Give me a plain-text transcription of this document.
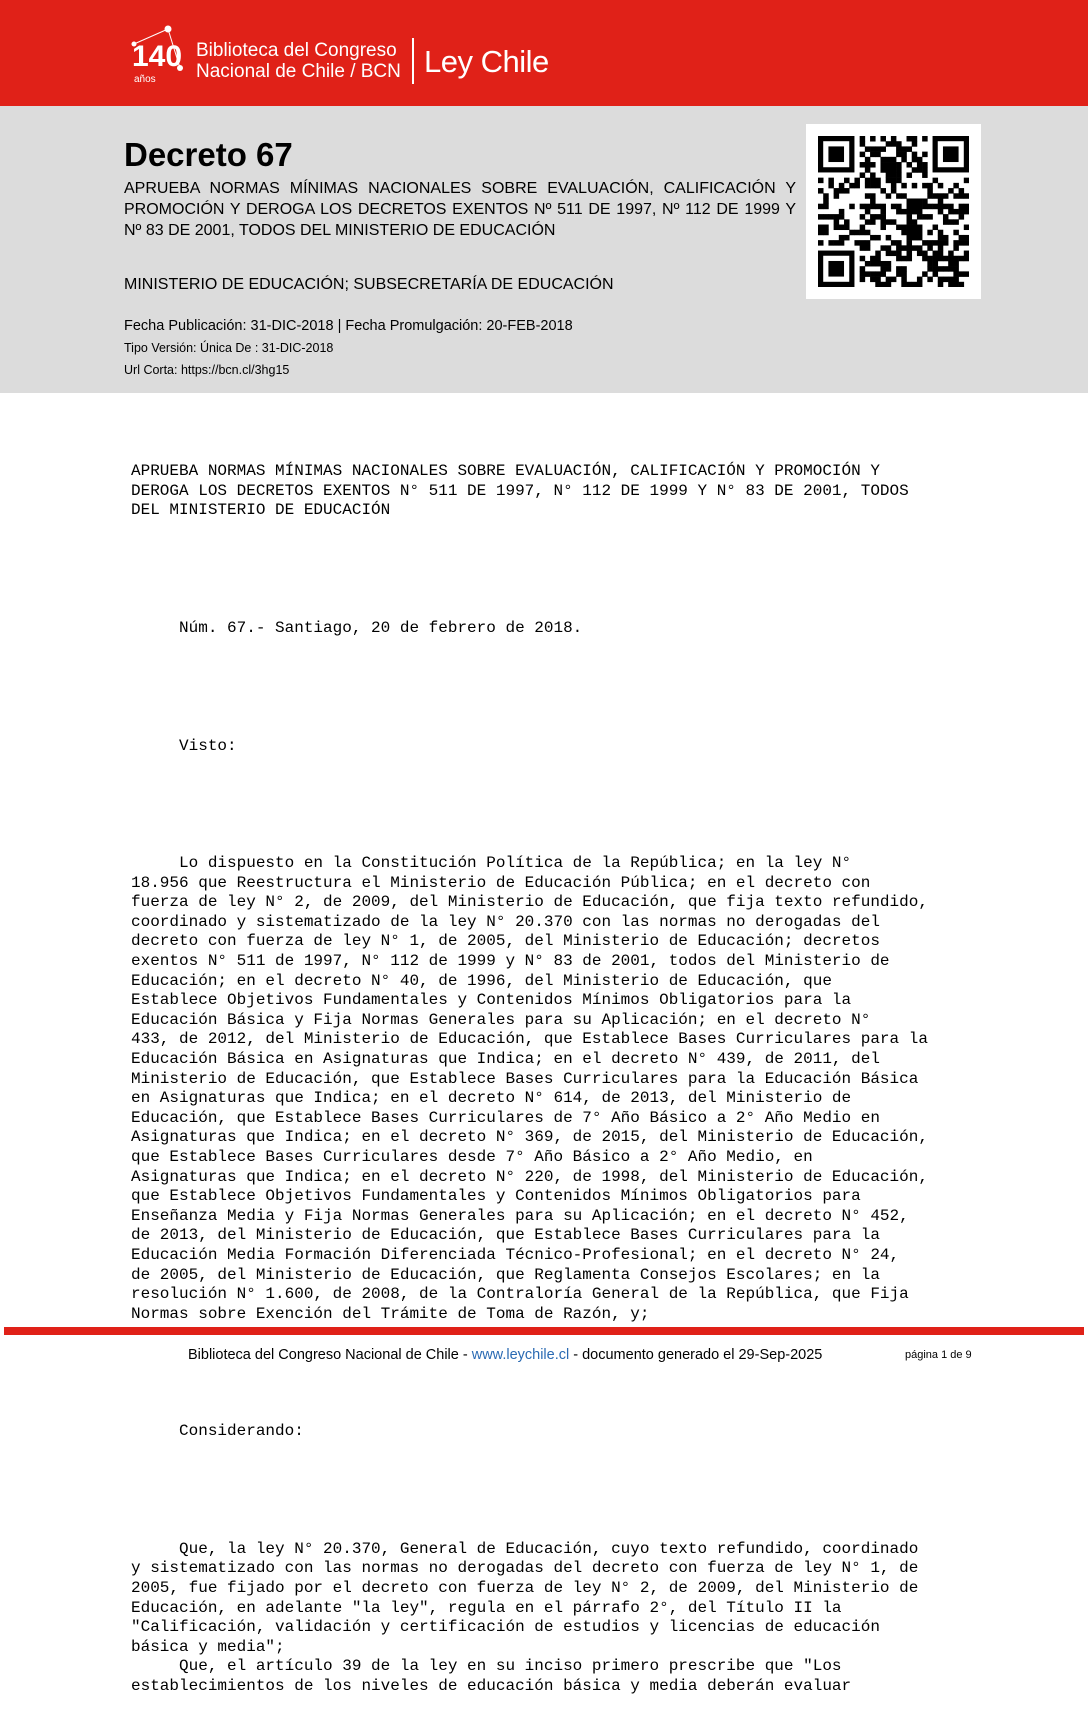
140
años
Biblioteca del Congreso
Nacional de Chile / BCN Ley Chile
Decreto 67
APRUEBA NORMAS MÍNIMAS NACIONALES SOBRE EVALUACIÓN, CALIFICACIÓN Y PROMOCIÓN Y DEROGA LOS DECRETOS EXENTOS Nº 511 DE 1997, Nº 112 DE 1999 Y Nº 83 DE 2001, TODOS DEL MINISTERIO DE EDUCACIÓN
MINISTERIO DE EDUCACIÓN; SUBSECRETARÍA DE EDUCACIÓN
Fecha Publicación: 31-DIC-2018 | Fecha Promulgación: 20-FEB-2018
Tipo Versión: Única De : 31-DIC-2018
Url Corta: https://bcn.cl/3hg15

APRUEBA NORMAS MÍNIMAS NACIONALES SOBRE EVALUACIÓN, CALIFICACIÓN Y PROMOCIÓN Y
DEROGA LOS DECRETOS EXENTOS N° 511 DE 1997, N° 112 DE 1999 Y N° 83 DE 2001, TODOS
DEL MINISTERIO DE EDUCACIÓN

Núm. 67.- Santiago, 20 de febrero de 2018.

Visto:

Lo dispuesto en la Constitución Política de la República; en la ley N°
18.956 que Reestructura el Ministerio de Educación Pública; en el decreto con
fuerza de ley N° 2, de 2009, del Ministerio de Educación, que fija texto refundido,
coordinado y sistematizado de la ley N° 20.370 con las normas no derogadas del
decreto con fuerza de ley N° 1, de 2005, del Ministerio de Educación; decretos
exentos N° 511 de 1997, N° 112 de 1999 y N° 83 de 2001, todos del Ministerio de
Educación; en el decreto N° 40, de 1996, del Ministerio de Educación, que
Establece Objetivos Fundamentales y Contenidos Mínimos Obligatorios para la
Educación Básica y Fija Normas Generales para su Aplicación; en el decreto N°
433, de 2012, del Ministerio de Educación, que Establece Bases Curriculares para la
Educación Básica en Asignaturas que Indica; en el decreto N° 439, de 2011, del
Ministerio de Educación, que Establece Bases Curriculares para la Educación Básica
en Asignaturas que Indica; en el decreto N° 614, de 2013, del Ministerio de
Educación, que Establece Bases Curriculares de 7° Año Básico a 2° Año Medio en
Asignaturas que Indica; en el decreto N° 369, de 2015, del Ministerio de Educación,
que Establece Bases Curriculares desde 7° Año Básico a 2° Año Medio, en
Asignaturas que Indica; en el decreto N° 220, de 1998, del Ministerio de Educación,
que Establece Objetivos Fundamentales y Contenidos Mínimos Obligatorios para
Enseñanza Media y Fija Normas Generales para su Aplicación; en el decreto N° 452,
de 2013, del Ministerio de Educación, que Establece Bases Curriculares para la
Educación Media Formación Diferenciada Técnico-Profesional; en el decreto N° 24,
de 2005, del Ministerio de Educación, que Reglamenta Consejos Escolares; en la
resolución N° 1.600, de 2008, de la Contraloría General de la República, que Fija
Normas sobre Exención del Trámite de Toma de Razón, y;

Considerando:

Que, la ley N° 20.370, General de Educación, cuyo texto refundido, coordinado
y sistematizado con las normas no derogadas del decreto con fuerza de ley N° 1, de
2005, fue fijado por el decreto con fuerza de ley N° 2, de 2009, del Ministerio de
Educación, en adelante "la ley", regula en el párrafo 2°, del Título II la
"Calificación, validación y certificación de estudios y licencias de educación
básica y media";
Que, el artículo 39 de la ley en su inciso primero prescribe que "Los
establecimientos de los niveles de educación básica y media deberán evaluar

Biblioteca del Congreso Nacional de Chile - www.leychile.cl - documento generado el 29-Sep-2025	página 1 de 9
